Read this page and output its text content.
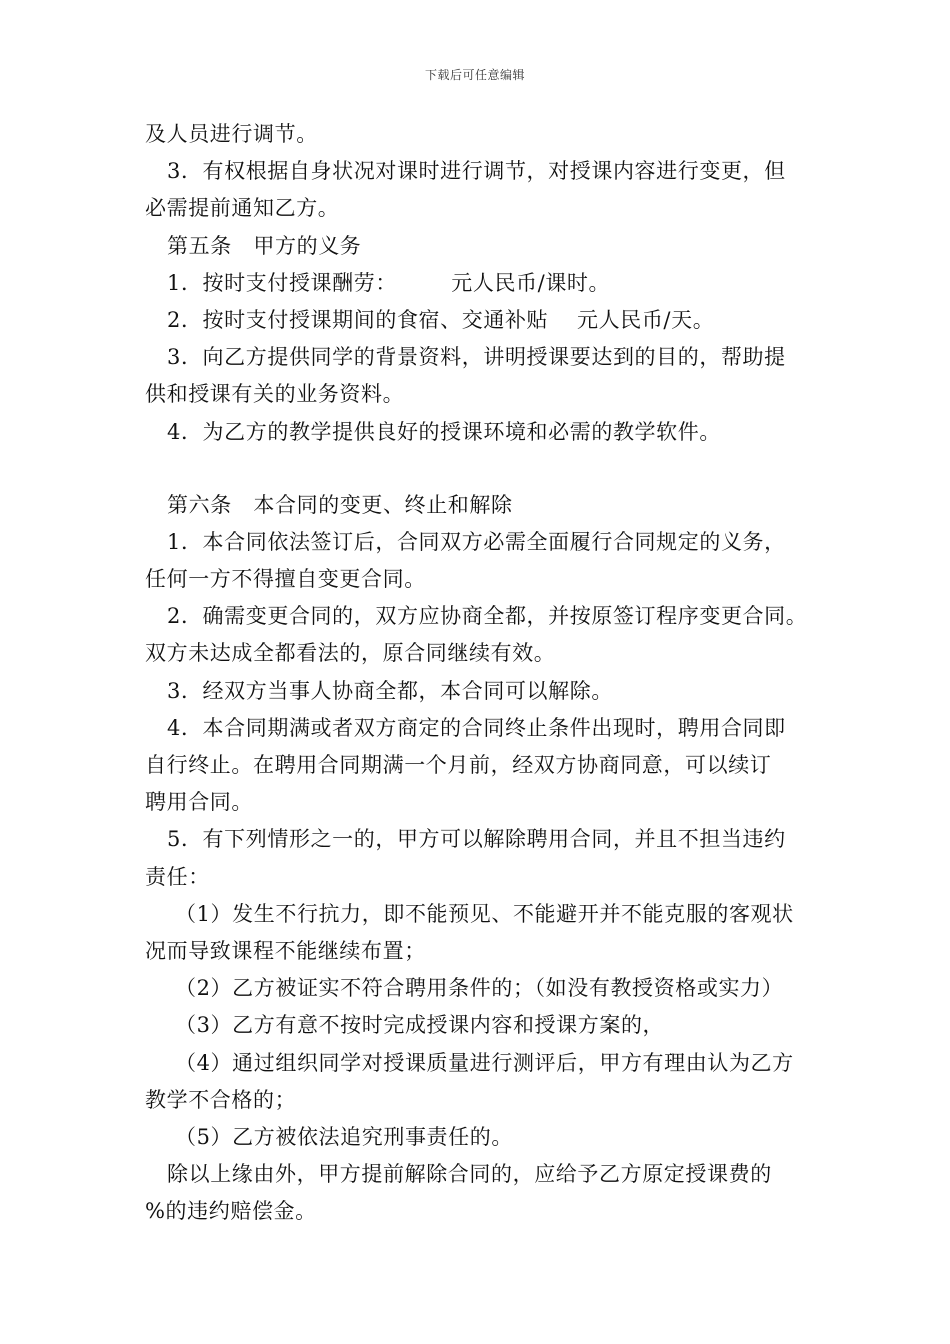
下载后可任意编辑
及人员进行调节。
3．有权根据自身状况对课时进行调节，对授课内容进行变更，但
必需提前通知乙方。
第五条　甲方的义务
1．按时支付授课酬劳：　　　元人民币/课时。
2．按时支付授课期间的食宿、交通补贴　 元人民币/天。
3．向乙方提供同学的背景资料，讲明授课要达到的目的，帮助提
供和授课有关的业务资料。
4．为乙方的教学提供良好的授课环境和必需的教学软件。
第六条　本合同的变更、终止和解除
1．本合同依法签订后，合同双方必需全面履行合同规定的义务，
任何一方不得擅自变更合同。
2．确需变更合同的，双方应协商全都，并按原签订程序变更合同。
双方未达成全都看法的，原合同继续有效。
3．经双方当事人协商全都，本合同可以解除。
4．本合同期满或者双方商定的合同终止条件出现时，聘用合同即
自行终止。在聘用合同期满一个月前，经双方协商同意，可以续订
聘用合同。
5．有下列情形之一的，甲方可以解除聘用合同，并且不担当违约
责任：
（1）发生不行抗力，即不能预见、不能避开并不能克服的客观状
况而导致课程不能继续布置；
（2）乙方被证实不符合聘用条件的；（如没有教授资格或实力）
（3）乙方有意不按时完成授课内容和授课方案的，
（4）通过组织同学对授课质量进行测评后，甲方有理由认为乙方
教学不合格的；
（5）乙方被依法追究刑事责任的。
除以上缘由外，甲方提前解除合同的，应给予乙方原定授课费的
%的违约赔偿金。
